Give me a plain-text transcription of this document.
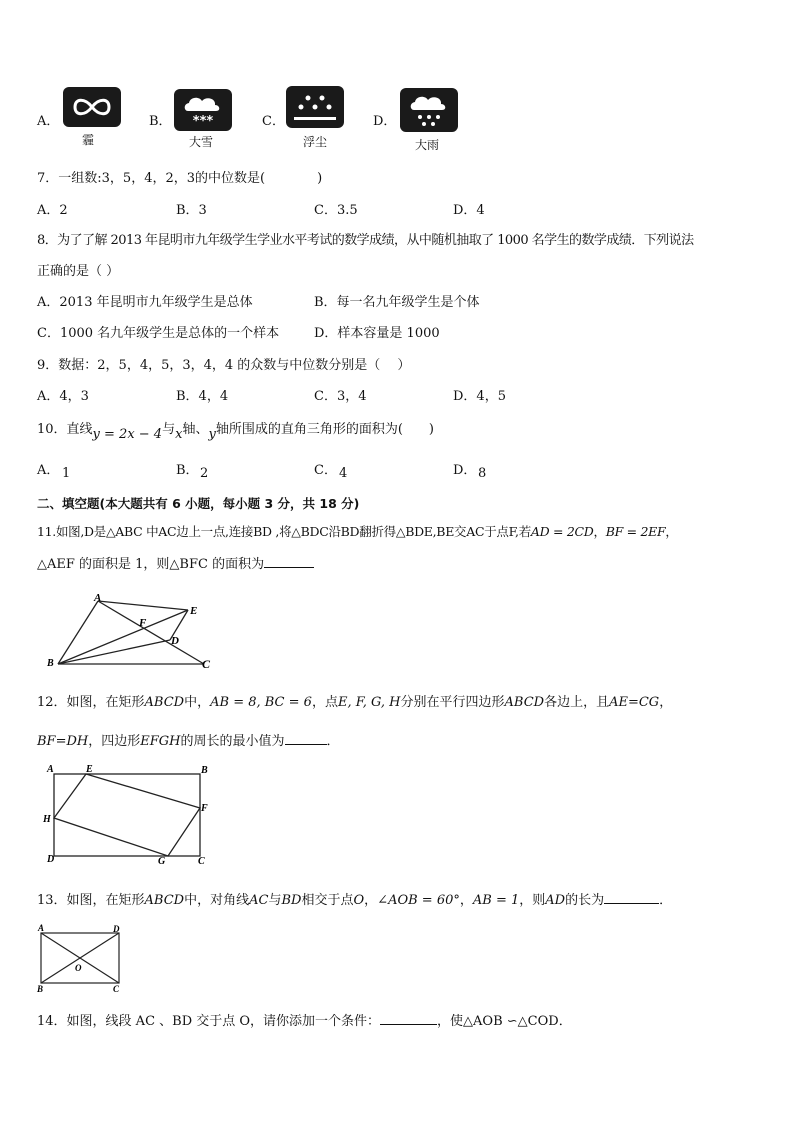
A．
霾
B． ***
大雪
C．
浮尘
D．
大雨
7．一组数:3，5，4，2，3的中位数是(　　　　)
A．2	B．3	C．3.5	D．4
8．为了了解 2013 年昆明市九年级学生学业水平考试的数学成绩，从中随机抽取了 1000 名学生的数学成绩．下列说法
正确的是（ ）
A．2013 年昆明市九年级学生是总体	B．每一名九年级学生是个体
C．1000 名九年级学生是总体的一个样本	D．样本容量是 1000
9．数据：2，5，4，5，3，4，4 的众数与中位数分别是（　 ）
A．4，3	B．4，4	C．3，4	D．4，5
10．直线y = 2x − 4与x轴、y轴所围成的直角三角形的面积为(　　)
A． 1	B． 2	C． 4	D． 8
二、填空题(本大题共有 6 小题，每小题 3 分，共 18 分)
11.如图,D是△ABC 中AC边上一点,连接BD ,将△BDC沿BD翻折得△BDE,BE交AC于点F,若AD = 2CD，BF = 2EF，
△AEF 的面积是 1，则△BFC 的面积为
A
E
F
D
B	C
12．如图，在矩形ABCD中，AB = 8, BC = 6，点E, F, G, H分别在平行四边形ABCD各边上，且AE=CG，
BF=DH，四边形EFGH的周长的最小值为	．
A	E	B
H
F
D	G	C
13．如图，在矩形ABCD中，对角线AC与BD相交于点O，∠AOB = 60°，AB = 1，则AD的长为	．
A	D
O
B	C
14．如图，线段 AC 、BD 交于点 O，请你添加一个条件：	，使△AOB ∽△COD．
